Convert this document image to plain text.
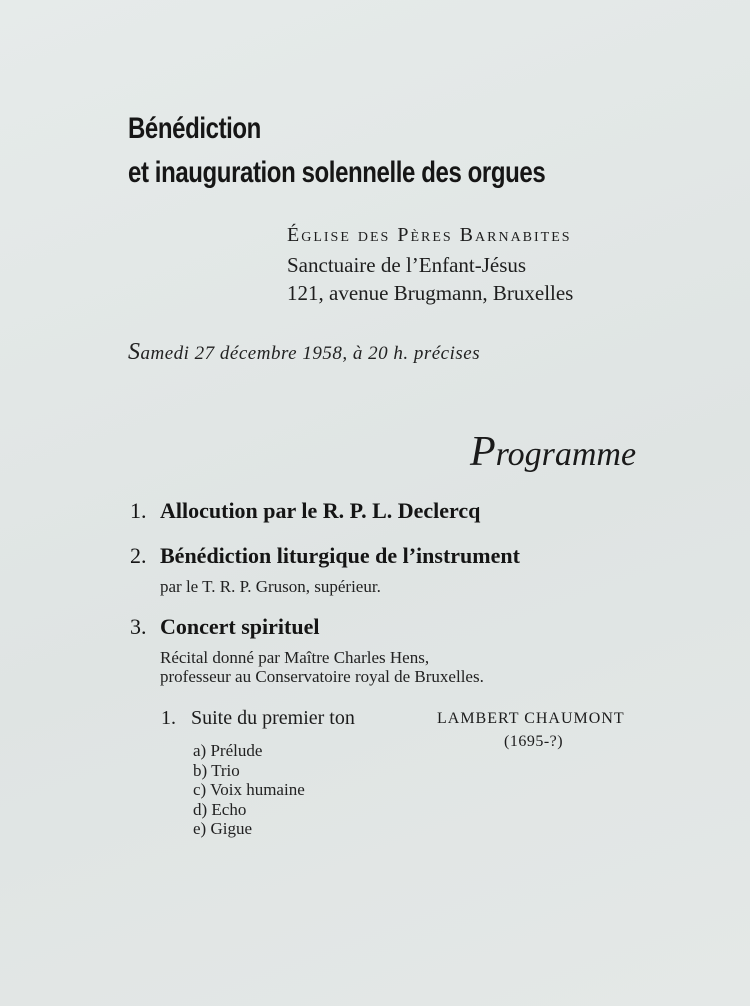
Bénédiction
et inauguration solennelle des orgues
Église des Pères Barnabites
Sanctuaire de l’Enfant-Jésus
121, avenue Brugmann, Bruxelles
Samedi 27 décembre 1958, à 20 h. précises
Programme
1. Allocution par le R. P. L. Declercq
2. Bénédiction liturgique de l’instrument
par le T. R. P. Gruson, supérieur.
3. Concert spirituel
Récital donné par Maître Charles Hens,
professeur au Conservatoire royal de Bruxelles.
1. Suite du premier ton	LAMBERT CHAUMONT
(1695-?)
a) Prélude
b) Trio
c) Voix humaine
d) Echo
e) Gigue
